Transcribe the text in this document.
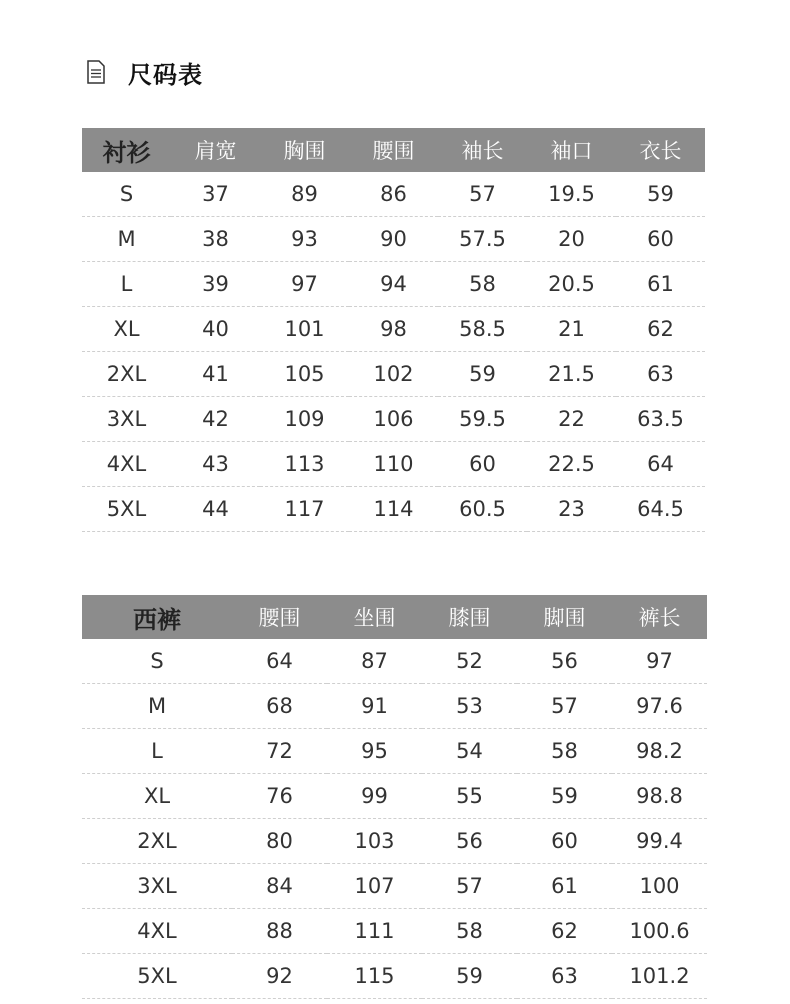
尺码表
衬衫	肩宽	胸围	腰围	袖长	袖口	衣长
S	37	89	86	57	19.5	59
M	38	93	90	57.5	20	60
L	39	97	94	58	20.5	61
XL	40	101	98	58.5	21	62
2XL	41	105	102	59	21.5	63
3XL	42	109	106	59.5	22	63.5
4XL	43	113	110	60	22.5	64
5XL	44	117	114	60.5	23	64.5
西裤	腰围	坐围	膝围	脚围	裤长
S	64	87	52	56	97
M	68	91	53	57	97.6
L	72	95	54	58	98.2
XL	76	99	55	59	98.8
2XL	80	103	56	60	99.4
3XL	84	107	57	61	100
4XL	88	111	58	62	100.6
5XL	92	115	59	63	101.2
